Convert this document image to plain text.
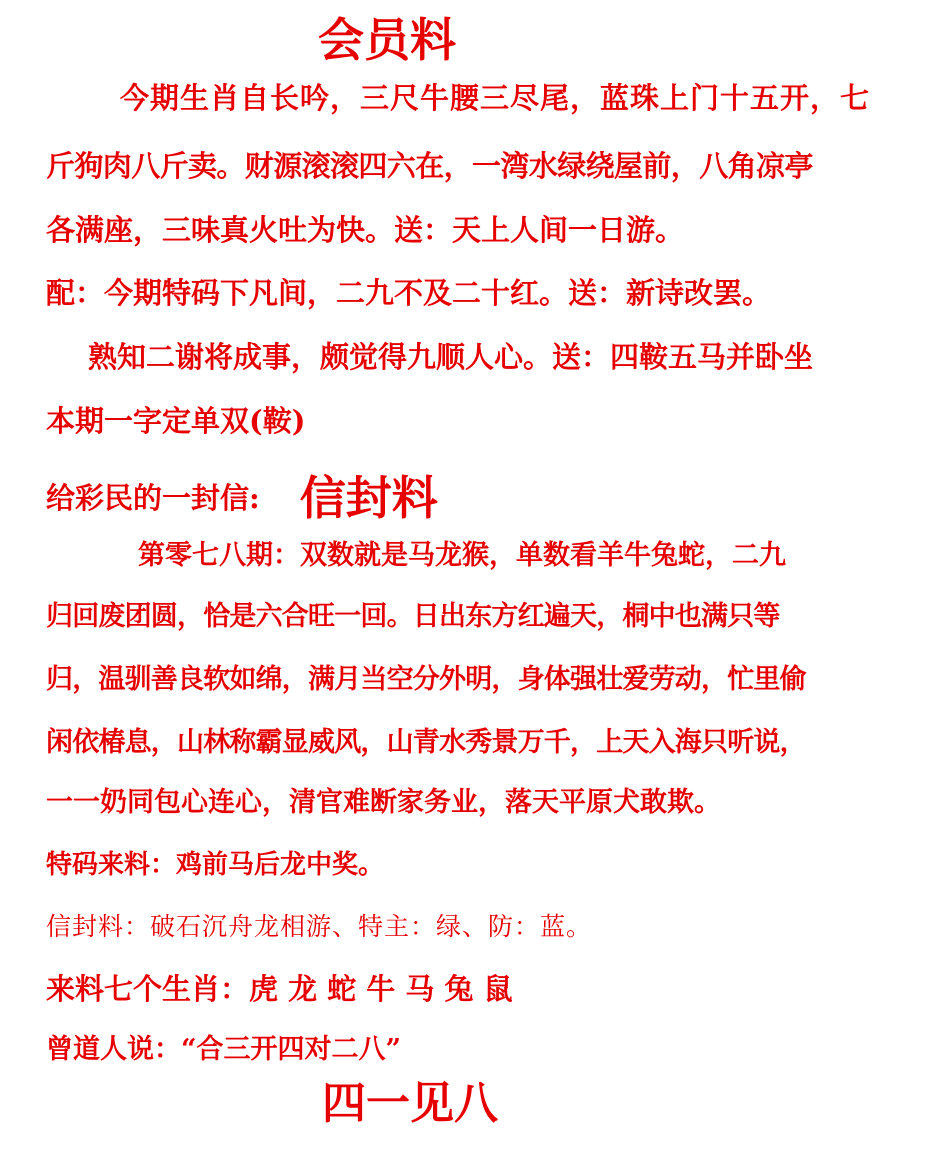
会员料
今期生肖自长吟，三尺牛腰三尽尾，蓝珠上门十五开，七
斤狗肉八斤卖。财源滚滚四六在，一湾水绿绕屋前，八角凉亭
各满座，三味真火吐为快。送：天上人间一日游。
配：今期特码下凡间，二九不及二十红。送：新诗改罢。
熟知二谢将成事，颇觉得九顺人心。送：四鞍五马并卧坐
本期一字定单双(鞍)
给彩民的一封信: 信封料
第零七八期：双数就是马龙猴，单数看羊牛兔蛇，二九
归回废团圆，恰是六合旺一回。日出东方红遍天，桐中也满只等
归，温驯善良软如绵，满月当空分外明，身体强壮爱劳动，忙里偷
闲依椿息，山林称霸显威风，山青水秀景万千，上天入海只听说，
一一奶同包心连心，清官难断家务业，落天平原犬敢欺。
特码来料：鸡前马后龙中奖。
信封料：破石沉舟龙相游、特主：绿、防：蓝。
来料七个生肖：虎 龙 蛇 牛 马 兔 鼠
曾道人说：“合三开四对二八”
四一见八
